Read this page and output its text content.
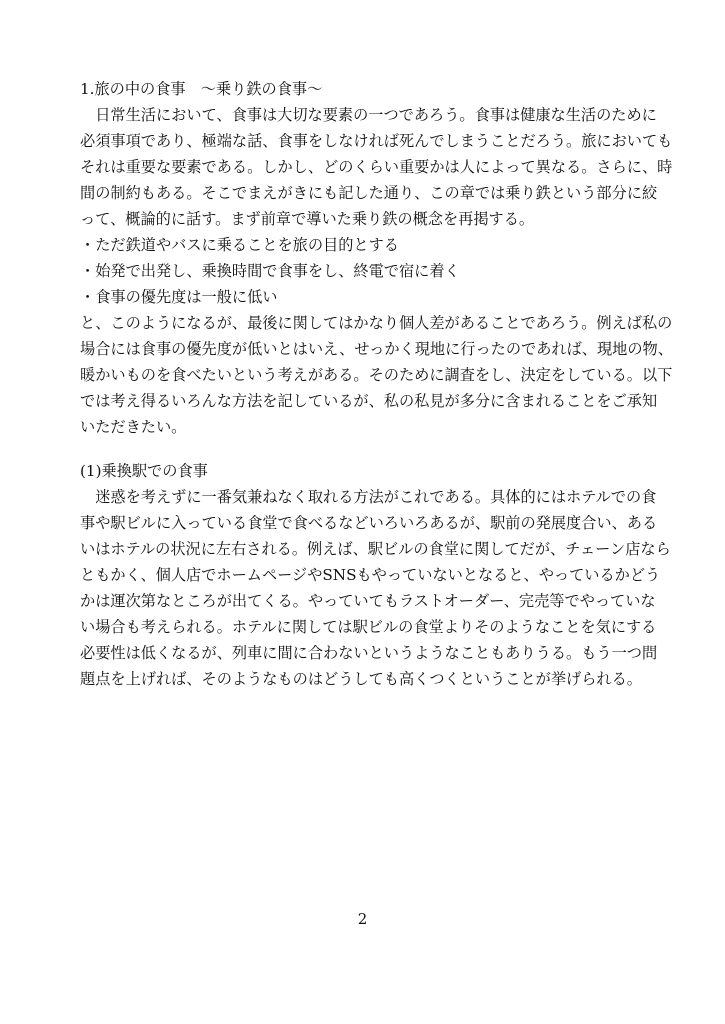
1.旅の中の食事　～乗り鉄の食事～
　日常生活において、食事は大切な要素の一つであろう。食事は健康な生活のために
必須事項であり、極端な話、食事をしなければ死んでしまうことだろう。旅においても
それは重要な要素である。しかし、どのくらい重要かは人によって異なる。さらに、時
間の制約もある。そこでまえがきにも記した通り、この章では乗り鉄という部分に絞
って、概論的に話す。まず前章で導いた乗り鉄の概念を再掲する。
・ただ鉄道やバスに乗ることを旅の目的とする
・始発で出発し、乗換時間で食事をし、終電で宿に着く
・食事の優先度は一般に低い
と、このようになるが、最後に関してはかなり個人差があることであろう。例えば私の
場合には食事の優先度が低いとはいえ、せっかく現地に行ったのであれば、現地の物、
暖かいものを食べたいという考えがある。そのために調査をし、決定をしている。以下
では考え得るいろんな方法を記しているが、私の私見が多分に含まれることをご承知
いただきたい。
(1)乗換駅での食事
　迷惑を考えずに一番気兼ねなく取れる方法がこれである。具体的にはホテルでの食
事や駅ビルに入っている食堂で食べるなどいろいろあるが、駅前の発展度合い、ある
いはホテルの状況に左右される。例えば、駅ビルの食堂に関してだが、チェーン店なら
ともかく、個人店でホームページやSNSもやっていないとなると、やっているかどう
かは運次第なところが出てくる。やっていてもラストオーダー、完売等でやっていな
い場合も考えられる。ホテルに関しては駅ビルの食堂よりそのようなことを気にする
必要性は低くなるが、列車に間に合わないというようなこともありうる。もう一つ問
題点を上げれば、そのようなものはどうしても高くつくということが挙げられる。
2
